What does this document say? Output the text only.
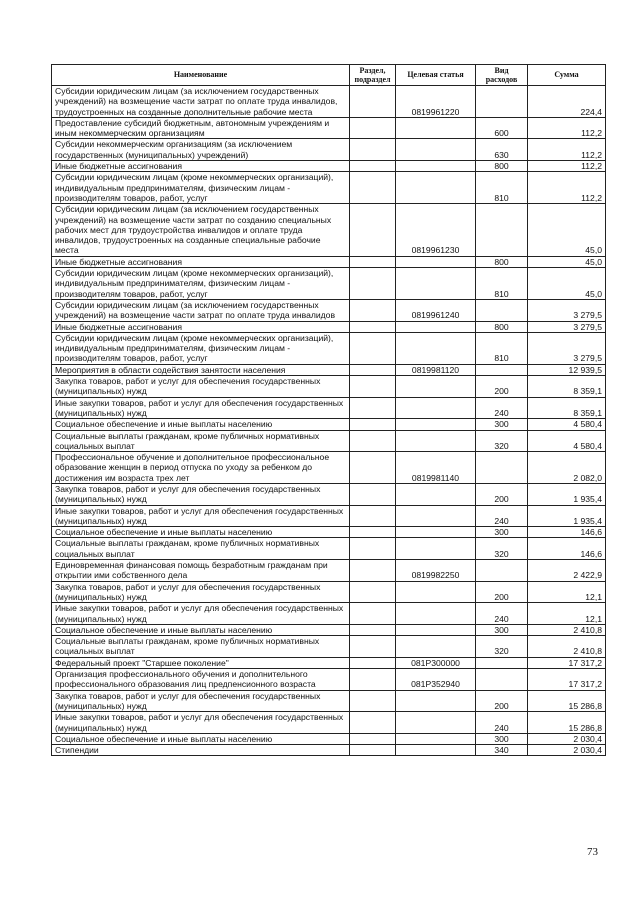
Наименование	Раздел, подраздел	Целевая статья	Вид расходов	Сумма
Субсидии юридическим лицам (за исключением государственных учреждений) на возмещение части затрат по оплате труда инвалидов, трудоустроенных на созданные дополнительные рабочие места		0819961220		224,4
Предоставление субсидий бюджетным, автономным учреждениям и иным некоммерческим организациям			600	112,2
Субсидии некоммерческим организациям (за исключением государственных (муниципальных) учреждений)			630	112,2
Иные бюджетные ассигнования			800	112,2
Субсидии юридическим лицам (кроме некоммерческих организаций), индивидуальным предпринимателям, физическим лицам - производителям товаров, работ, услуг			810	112,2
Субсидии юридическим лицам (за исключением государственных учреждений) на возмещение части затрат по созданию специальных рабочих мест для трудоустройства инвалидов и оплате труда инвалидов, трудоустроенных на созданные специальные рабочие места		0819961230		45,0
Иные бюджетные ассигнования			800	45,0
Субсидии юридическим лицам (кроме некоммерческих организаций), индивидуальным предпринимателям, физическим лицам - производителям товаров, работ, услуг			810	45,0
Субсидии юридическим лицам (за исключением государственных учреждений) на возмещение части затрат по оплате труда инвалидов		0819961240		3 279,5
Иные бюджетные ассигнования			800	3 279,5
Субсидии юридическим лицам (кроме некоммерческих организаций), индивидуальным предпринимателям, физическим лицам - производителям товаров, работ, услуг			810	3 279,5
Мероприятия в области содействия занятости населения		0819981120		12 939,5
Закупка товаров, работ и услуг для обеспечения государственных (муниципальных) нужд			200	8 359,1
Иные закупки товаров, работ и услуг для обеспечения государственных (муниципальных) нужд			240	8 359,1
Социальное обеспечение и иные выплаты населению			300	4 580,4
Социальные выплаты гражданам, кроме публичных нормативных социальных выплат			320	4 580,4
Профессиональное обучение и дополнительное профессиональное образование женщин в период отпуска по уходу за ребенком до достижения им возраста трех лет		0819981140		2 082,0
Закупка товаров, работ и услуг для обеспечения государственных (муниципальных) нужд			200	1 935,4
Иные закупки товаров, работ и услуг для обеспечения государственных (муниципальных) нужд			240	1 935,4
Социальное обеспечение и иные выплаты населению			300	146,6
Социальные выплаты гражданам, кроме публичных нормативных социальных выплат			320	146,6
Единовременная финансовая помощь безработным гражданам при открытии ими собственного дела		0819982250		2 422,9
Закупка товаров, работ и услуг для обеспечения государственных (муниципальных) нужд			200	12,1
Иные закупки товаров, работ и услуг для обеспечения государственных (муниципальных) нужд			240	12,1
Социальное обеспечение и иные выплаты населению			300	2 410,8
Социальные выплаты гражданам, кроме публичных нормативных социальных выплат			320	2 410,8
Федеральный проект "Старшее поколение"		081P300000		17 317,2
Организация профессионального обучения и дополнительного профессионального образования лиц предпенсионного возраста		081P352940		17 317,2
Закупка товаров, работ и услуг для обеспечения государственных (муниципальных) нужд			200	15 286,8
Иные закупки товаров, работ и услуг для обеспечения государственных (муниципальных) нужд			240	15 286,8
Социальное обеспечение и иные выплаты населению			300	2 030,4
Стипендии			340	2 030,4
73
